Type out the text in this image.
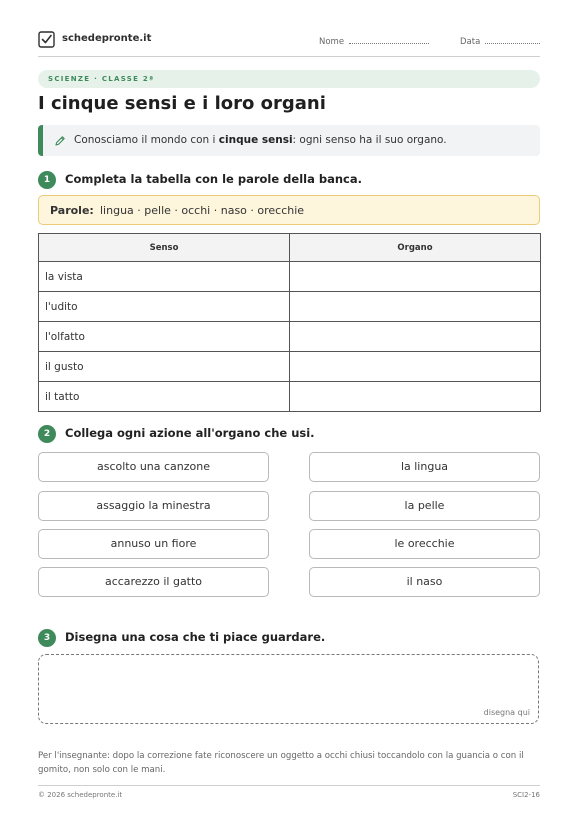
schedepronte.it	Nome	Data
SCIENZE · CLASSE 2ª
I cinque sensi e i loro organi
Conosciamo il mondo con i cinque sensi: ogni senso ha il suo organo.
1	Completa la tabella con le parole della banca.
Parole: lingua · pelle · occhi · naso · orecchie
Senso	Organo
la vista	
l'udito	
l'olfatto	
il gusto	
il tatto	
2	Collega ogni azione all'organo che usi.
ascolto una canzone
assaggio la minestra
annuso un fiore
accarezzo il gatto
la lingua
la pelle
le orecchie
il naso
3	Disegna una cosa che ti piace guardare.
disegna qui
Per l'insegnante: dopo la correzione fate riconoscere un oggetto a occhi chiusi toccandolo con la guancia o con il gomito, non solo con le mani.
© 2026 schedepronte.it	SCI2-16
